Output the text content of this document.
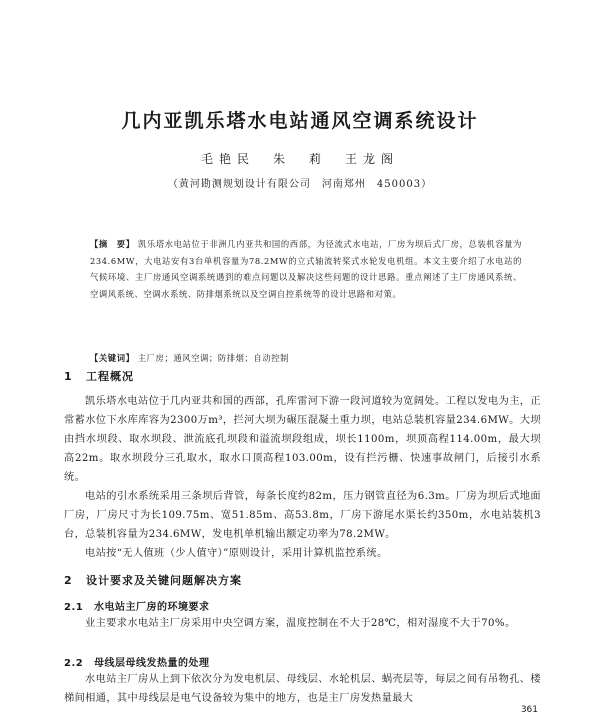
几内亚凯乐塔水电站通风空调系统设计
毛艳民　朱　莉　王龙阁
（黄河勘测规划设计有限公司　河南郑州　450003）
【摘　要】 凯乐塔水电站位于非洲几内亚共和国的西部，为径流式水电站，厂房为坝后式厂房，总装机容量为234.6MW，大电站安有3台单机容量为78.2MW的立式轴流转桨式水轮发电机组。本文主要介绍了水电站的气候环境、主厂房通风空调系统遇到的难点问题以及解决这些问题的设计思路。重点阐述了主厂房通风系统、空调风系统、空调水系统、防排烟系统以及空调自控系统等的设计思路和对策。
【关键词】 主厂房；通风空调；防排烟；自动控制
1 工程概况
凯乐塔水电站位于几内亚共和国的西部，孔库雷河下游一段河道较为宽阔处。工程以发电为主，正常蓄水位下水库库容为2300万m³，拦河大坝为碾压混凝土重力坝，电站总装机容量234.6MW。大坝由挡水坝段、取水坝段、泄流底孔坝段和溢流坝段组成，坝长1100m，坝顶高程114.00m，最大坝高22m。取水坝段分三孔取水，取水口顶高程103.00m，设有拦污栅、快速事故闸门，后接引水系统。
电站的引水系统采用三条坝后背管，每条长度约82m，压力钢管直径为6.3m。厂房为坝后式地面厂房，厂房尺寸为长109.75m、宽51.85m、高53.8m，厂房下游尾水渠长约350m，水电站装机3台，总装机容量为234.6MW，发电机单机输出额定功率为78.2MW。
电站按“无人值班（少人值守）”原则设计，采用计算机监控系统。
2 设计要求及关键问题解决方案
2.1 水电站主厂房的环境要求
业主要求水电站主厂房采用中央空调方案，温度控制在不大于28℃，相对湿度不大于70%。
2.2 母线层母线发热量的处理
水电站主厂房从上到下依次分为发电机层、母线层、水轮机层、蜗壳层等，每层之间有吊物孔、楼梯间相通，其中母线层是电气设备较为集中的地方，也是主厂房发热量最大
361
